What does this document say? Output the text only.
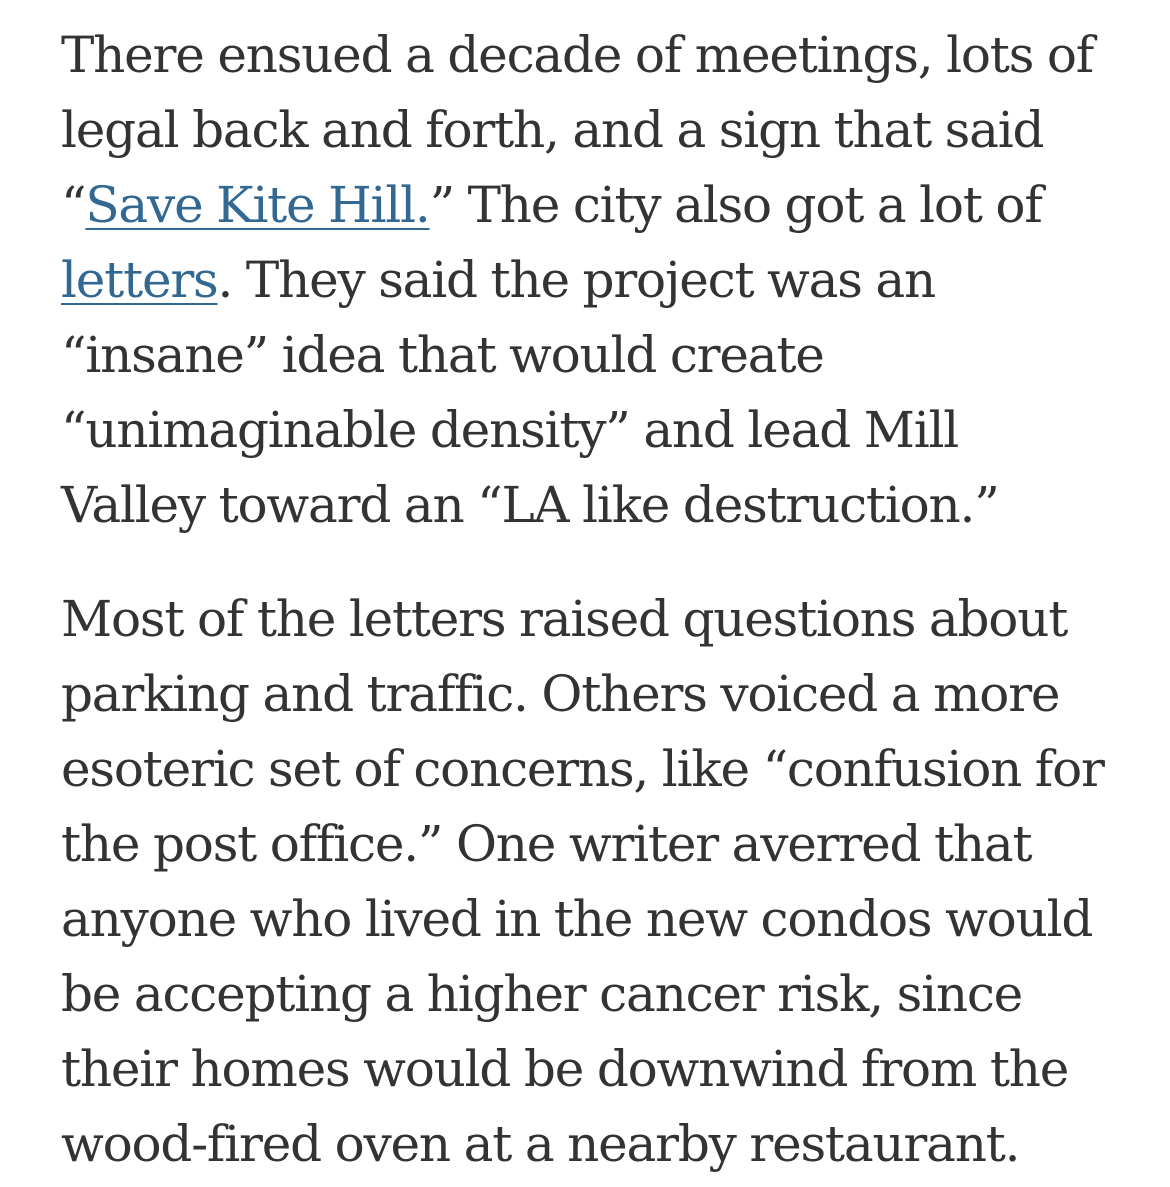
There ensued a decade of meetings, lots of
legal back and forth, and a sign that said
“Save Kite Hill.” The city also got a lot of
letters. They said the project was an
“insane” idea that would create
“unimaginable density” and lead Mill
Valley toward an “LA like destruction.”

Most of the letters raised questions about
parking and traffic. Others voiced a more
esoteric set of concerns, like “confusion for
the post office.” One writer averred that
anyone who lived in the new condos would
be accepting a higher cancer risk, since
their homes would be downwind from the
wood-fired oven at a nearby restaurant.
